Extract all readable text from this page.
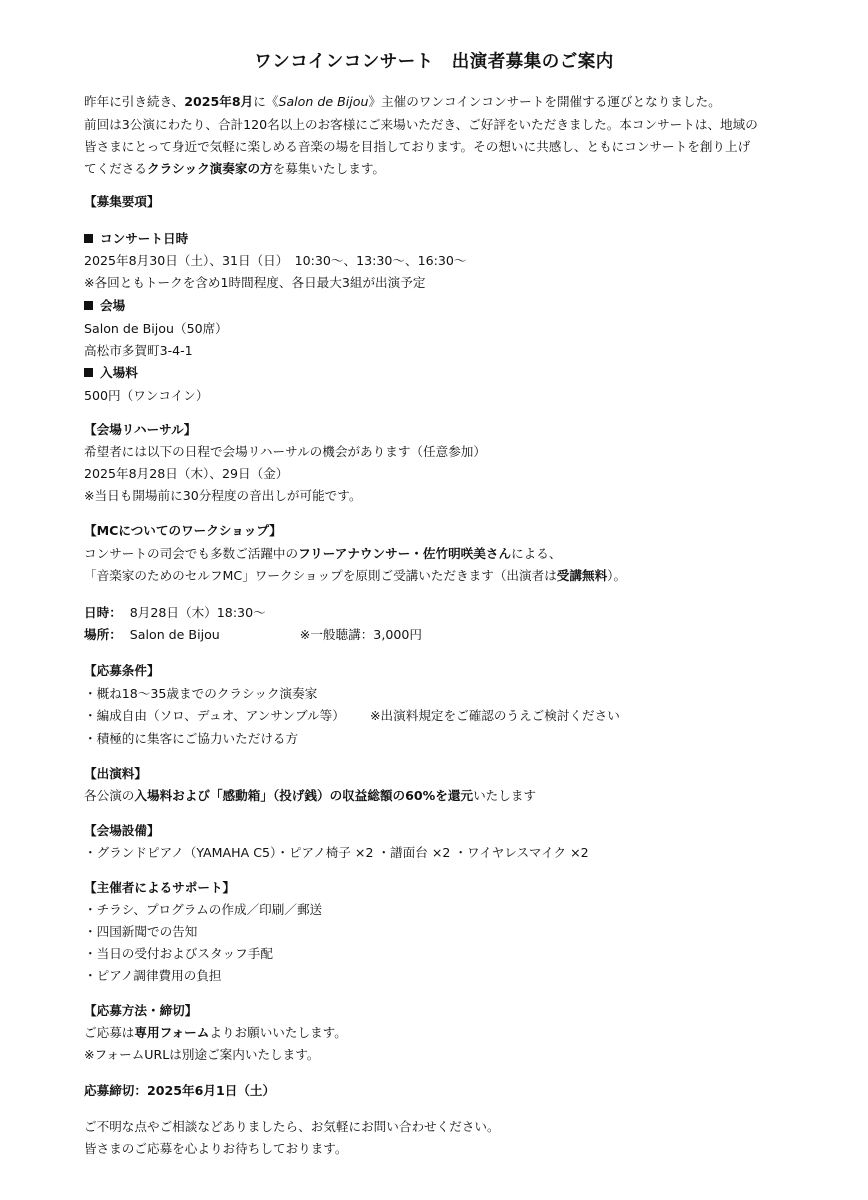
ワンコインコンサート　出演者募集のご案内

昨年に引き続き、2025年8月に《Salon de Bijou》主催のワンコインコンサートを開催する運びとなりました。

前回は3公演にわたり、合計120名以上のお客様にご来場いただき、ご好評をいただきました。本コンサートは、地域の

皆さまにとって身近で気軽に楽しめる音楽の場を目指しております。その想いに共感し、ともにコンサートを創り上げ

てくださるクラシック演奏家の方を募集いたします。

【募集要項】

コンサート日時

2025年8月30日（土）、31日（日）　10:30〜、13:30〜、16:30〜

※各回ともトークを含め1時間程度、各日最大3組が出演予定

会場

Salon de Bijou（50席）

高松市多賀町3-4-1

入場料

500円（ワンコイン）

【会場リハーサル】

希望者には以下の日程で会場リハーサルの機会があります（任意参加）

2025年8月28日（木）、29日（金）

※当日も開場前に30分程度の音出しが可能です。

【MCについてのワークショップ】

コンサートの司会でも多数ご活躍中のフリーアナウンサー・佐竹明咲美さんによる、

「音楽家のためのセルフMC」ワークショップを原則ご受講いただきます（出演者は受講無料）。

日時： 8月28日（木）18:30〜

場所： Salon de Bijou	※一般聴講：3,000円

【応募条件】

・概ね18〜35歳までのクラシック演奏家

・編成自由（ソロ、デュオ、アンサンブル等） ※出演料規定をご確認のうえご検討ください

・積極的に集客にご協力いただける方

【出演料】

各公演の入場料および「感動箱」（投げ銭）の収益総額の60%を還元いたします

【会場設備】

・グランドピアノ（YAMAHA C5）・ピアノ椅子 ×2 ・譜面台 ×2 ・ワイヤレスマイク ×2

【主催者によるサポート】

・チラシ、プログラムの作成／印刷／郵送

・四国新聞での告知

・当日の受付およびスタッフ手配

・ピアノ調律費用の負担

【応募方法・締切】

ご応募は専用フォームよりお願いいたします。

※フォームURLは別途ご案内いたします。

応募締切：2025年6月1日（土）

ご不明な点やご相談などありましたら、お気軽にお問い合わせください。

皆さまのご応募を心よりお待ちしております。
